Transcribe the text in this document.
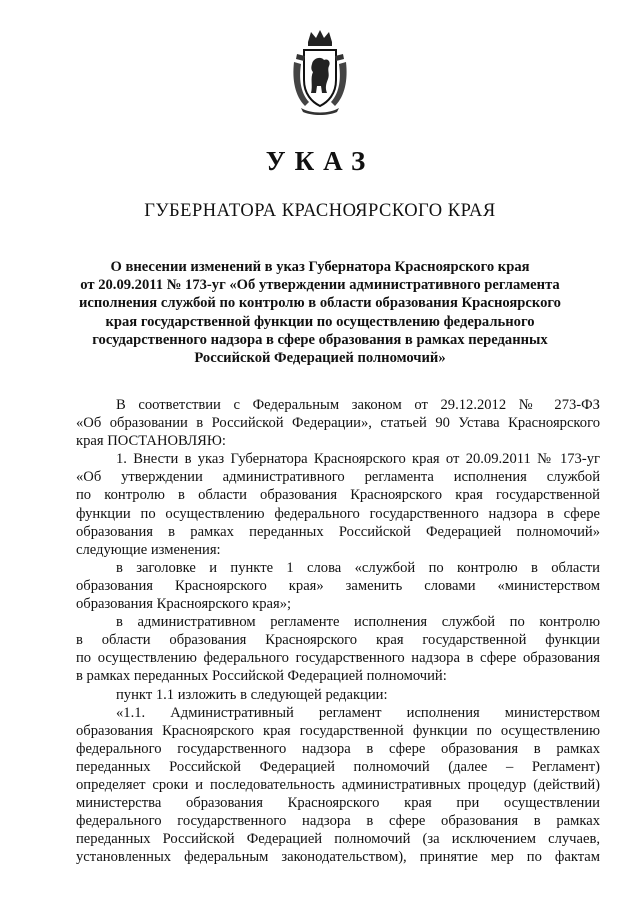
УКАЗ
ГУБЕРНАТОРА КРАСНОЯРСКОГО КРАЯ
О внесении изменений в указ Губернатора Красноярского края
от 20.09.2011 № 173-уг «Об утверждении административного регламента
исполнения службой по контролю в области образования Красноярского
края государственной функции по осуществлению федерального
государственного надзора в сфере образования в рамках переданных
Российской Федерацией полномочий»
В соответствии с Федеральным законом от 29.12.2012 № 273-ФЗ
«Об образовании в Российской Федерации», статьей 90 Устава Красноярского
края ПОСТАНОВЛЯЮ:
1. Внести в указ Губернатора Красноярского края от 20.09.2011 № 173-уг
«Об утверждении административного регламента исполнения службой
по контролю в области образования Красноярского края государственной
функции по осуществлению федерального государственного надзора в сфере
образования в рамках переданных Российской Федерацией полномочий»
следующие изменения:
в заголовке и пункте 1 слова «службой по контролю в области
образования Красноярского края» заменить словами «министерством
образования Красноярского края»;
в административном регламенте исполнения службой по контролю
в области образования Красноярского края государственной функции
по осуществлению федерального государственного надзора в сфере образования
в рамках переданных Российской Федерацией полномочий:
пункт 1.1 изложить в следующей редакции:
«1.1. Административный регламент исполнения министерством
образования Красноярского края государственной функции по осуществлению
федерального государственного надзора в сфере образования в рамках
переданных Российской Федерацией полномочий (далее – Регламент)
определяет сроки и последовательность административных процедур (действий)
министерства образования Красноярского края при осуществлении
федерального государственного надзора в сфере образования в рамках
переданных Российской Федерацией полномочий (за исключением случаев,
установленных федеральным законодательством), принятие мер по фактам
